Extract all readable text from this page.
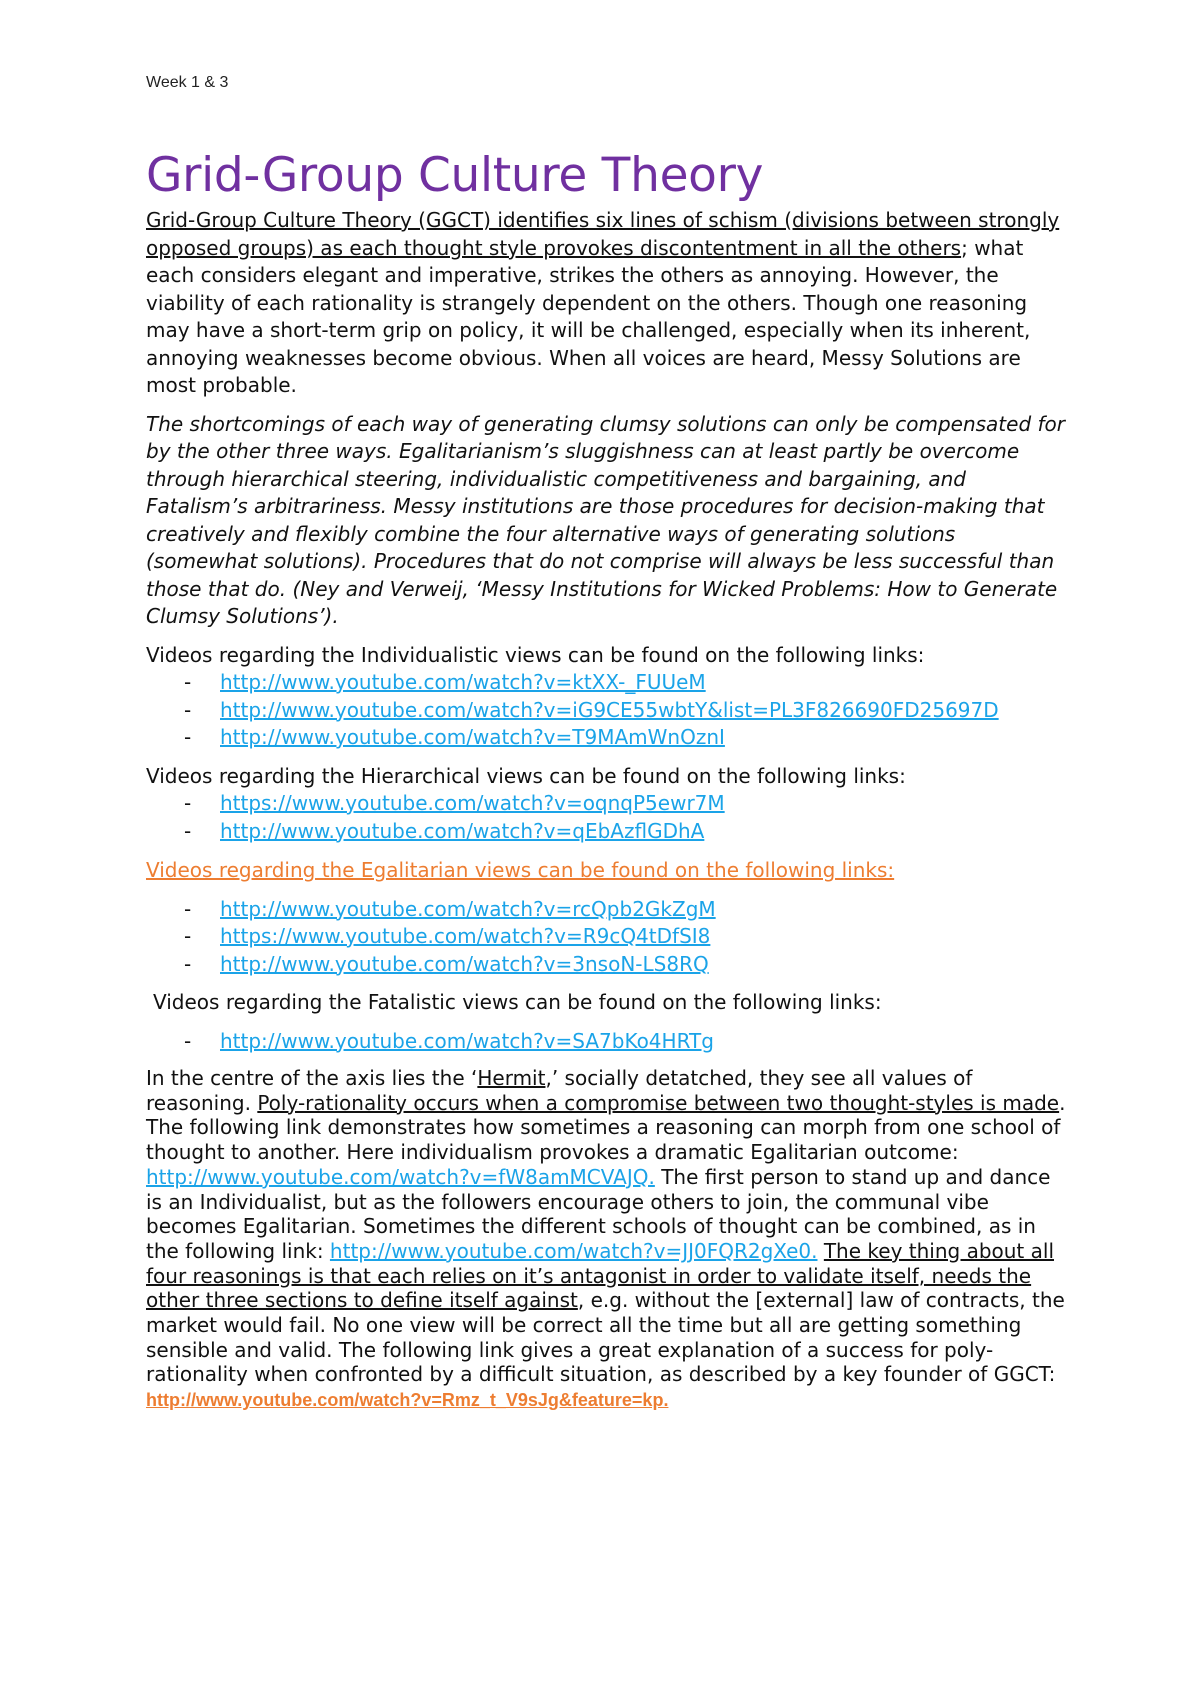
Week 1 & 3
Grid-Group Culture Theory

Grid-Group Culture Theory (GGCT) identifies six lines of schism (divisions between strongly opposed groups) as each thought style provokes discontentment in all the others; what each considers elegant and imperative, strikes the others as annoying. However, the viability of each rationality is strangely dependent on the others. Though one reasoning may have a short-term grip on policy, it will be challenged, especially when its inherent, annoying weaknesses become obvious. When all voices are heard, Messy Solutions are most probable.

The shortcomings of each way of generating clumsy solutions can only be compensated for by the other three ways. Egalitarianism’s sluggishness can at least partly be overcome through hierarchical steering, individualistic competitiveness and bargaining, and Fatalism’s arbitrariness. Messy institutions are those procedures for decision-making that creatively and flexibly combine the four alternative ways of generating solutions (somewhat solutions). Procedures that do not comprise will always be less successful than those that do. (Ney and Verweij, ‘Messy Institutions for Wicked Problems: How to Generate Clumsy Solutions’).

Videos regarding the Individualistic views can be found on the following links:

- http://www.youtube.com/watch?v=ktXX-_FUUeM
- http://www.youtube.com/watch?v=iG9CE55wbtY&list=PL3F826690FD25697D
- http://www.youtube.com/watch?v=T9MAmWnOznI

Videos regarding the Hierarchical views can be found on the following links:

- https://www.youtube.com/watch?v=oqnqP5ewr7M
- http://www.youtube.com/watch?v=qEbAzflGDhA

Videos regarding the Egalitarian views can be found on the following links:

- http://www.youtube.com/watch?v=rcQpb2GkZgM
- https://www.youtube.com/watch?v=R9cQ4tDfSI8
- http://www.youtube.com/watch?v=3nsoN-LS8RQ

Videos regarding the Fatalistic views can be found on the following links:

- http://www.youtube.com/watch?v=SA7bKo4HRTg

In the centre of the axis lies the ‘Hermit,’ socially detatched, they see all values of reasoning. Poly-rationality occurs when a compromise between two thought-styles is made. The following link demonstrates how sometimes a reasoning can morph from one school of thought to another. Here individualism provokes a dramatic Egalitarian outcome: http://www.youtube.com/watch?v=fW8amMCVAJQ. The first person to stand up and dance is an Individualist, but as the followers encourage others to join, the communal vibe becomes Egalitarian. Sometimes the different schools of thought can be combined, as in the following link: http://www.youtube.com/watch?v=JJ0FQR2gXe0. The key thing about all four reasonings is that each relies on it’s antagonist in order to validate itself, needs the other three sections to define itself against, e.g. without the [external] law of contracts, the market would fail. No one view will be correct all the time but all are getting something sensible and valid. The following link gives a great explanation of a success for poly-rationality when confronted by a difficult situation, as described by a key founder of GGCT: http://www.youtube.com/watch?v=Rmz_t_V9sJg&feature=kp.
